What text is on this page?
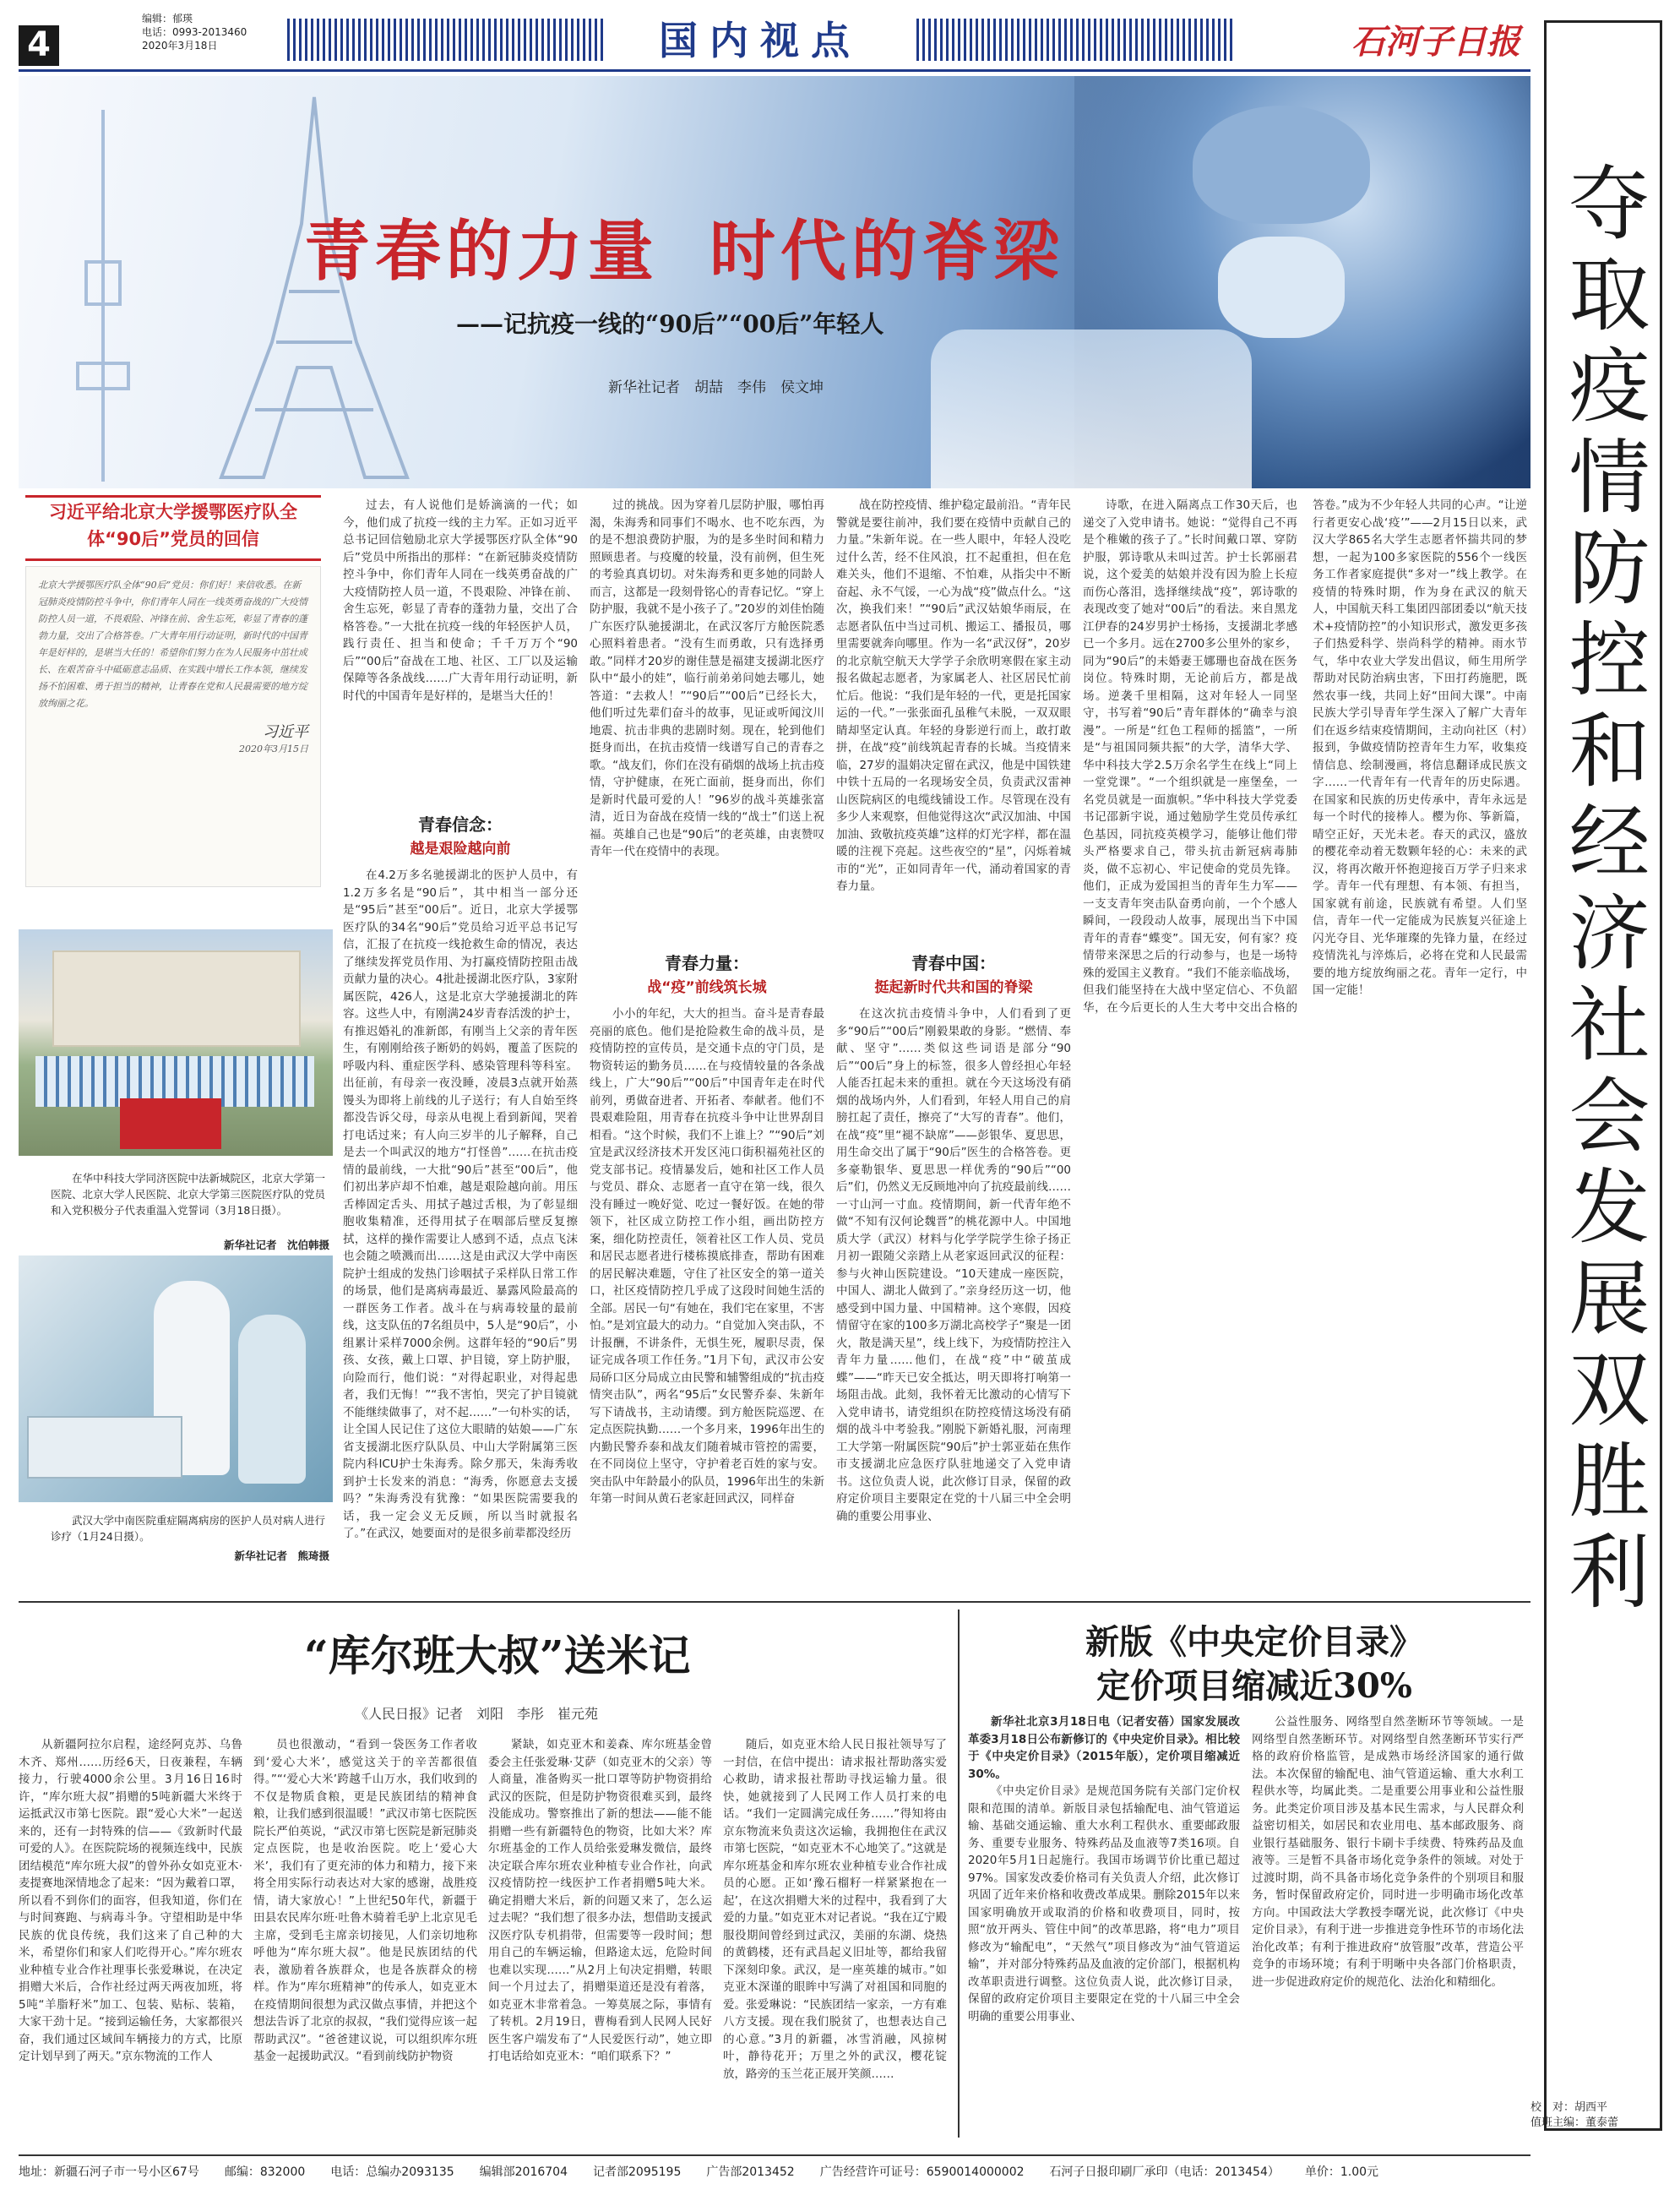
4
编辑：郁瑛
电话：0993-2013460
2020年3月18日	国内视点	石河子日报
夺取疫情防控和经济社会发展双胜利
校　对：胡西平
值班主编：董泰蕾
青春的力量 时代的脊梁
——记抗疫一线的“90后”“00后”年轻人
新华社记者　胡喆　李伟　侯文坤
习近平给北京大学援鄂医疗队全体“90后”党员的回信
北京大学援鄂医疗队全体“90后”党员：你们好！来信收悉。在新冠肺炎疫情防控斗争中，你们青年人同在一线英勇奋战的广大疫情防控人员一道，不畏艰险、冲锋在前、舍生忘死，彰显了青春的蓬勃力量，交出了合格答卷。广大青年用行动证明，新时代的中国青年是好样的，是堪当大任的！希望你们努力在为人民服务中茁壮成长、在艰苦奋斗中砥砺意志品质、在实践中增长工作本领，继续发扬不怕困难、勇于担当的精神，让青春在党和人民最需要的地方绽放绚丽之花。
习近平
2020年3月15日
在华中科技大学同济医院中法新城院区，北京大学第一医院、北京大学人民医院、北京大学第三医院医疗队的党员和入党积极分子代表重温入党誓词（3月18日摄）。
新华社记者　沈伯韩摄
武汉大学中南医院重症隔离病房的医护人员对病人进行诊疗（1月24日摄）。
新华社记者　熊琦摄

过去，有人说他们是娇滴滴的一代；如今，他们成了抗疫一线的主力军。正如习近平总书记回信勉励北京大学援鄂医疗队全体“90后”党员中所指出的那样：“在新冠肺炎疫情防控斗争中，你们青年人同在一线英勇奋战的广大疫情防控人员一道，不畏艰险、冲锋在前、舍生忘死，彰显了青春的蓬勃力量，交出了合格答卷。”一大批在抗疫一线的年轻医护人员，践行责任、担当和使命；千千万万个“90后”“00后”奋战在工地、社区、工厂以及运输保障等各条战线……广大青年用行动证明，新时代的中国青年是好样的，是堪当大任的！

青春信念：
越是艰险越向前

在4.2万多名驰援湖北的医护人员中，有1.2万多名是“90后”，其中相当一部分还是“95后”甚至“00后”。近日，北京大学援鄂医疗队的34名“90后”党员给习近平总书记写信，汇报了在抗疫一线抢救生命的情况，表达了继续发挥党员作用、为打赢疫情防控阻击战贡献力量的决心。4批赴援湖北医疗队，3家附属医院，426人，这是北京大学驰援湖北的阵容。这些人中，有刚满24岁青春活泼的护士，有推迟婚礼的准新郎，有刚当上父亲的青年医生，有刚刚给孩子断奶的妈妈，覆盖了医院的呼吸内科、重症医学科、感染管理科等科室。出征前，有母亲一夜没睡，凌晨3点就开始蒸馒头为即将上前线的儿子送行；有人自始至终都没告诉父母，母亲从电视上看到新闻，哭着打电话过来；有人向三岁半的儿子解释，自己是去一个叫武汉的地方“打怪兽”……在抗击疫情的最前线，一大批“90后”甚至“00后”，他们初出茅庐却不怕难，越是艰险越向前。用压舌棒固定舌头、用拭子越过舌根，为了彰显细胞收集精准，还得用拭子在咽部后壁反复擦拭，这样的操作需要让人感到不适，点点飞沫也会随之喷溅而出……这是由武汉大学中南医院护士组成的发热门诊咽拭子采样队日常工作的场景，他们是离病毒最近、暴露风险最高的一群医务工作者。战斗在与病毒较量的最前线，这支队伍的7名组员中，5人是“90后”，小组累计采样7000余例。这群年轻的“90后”男孩、女孩，戴上口罩、护目镜，穿上防护服，向险而行，他们说：“对得起职业，对得起患者，我们无悔！”“我不害怕，哭完了护目镜就不能继续做事了，对不起……”一句朴实的话，让全国人民记住了这位大眼睛的姑娘——广东省支援湖北医疗队队员、中山大学附属第三医院内科ICU护士朱海秀。除夕那天，朱海秀收到护士长发来的消息：“海秀，你愿意去支援吗？”朱海秀没有犹豫：“如果医院需要我的话，我一定会义无反顾，所以当时就报名了。”在武汉，她要面对的是很多前辈都没经历

过的挑战。因为穿着几层防护服，哪怕再渴，朱海秀和同事们不喝水、也不吃东西，为的是不想浪费防护服，为的是多坐时间和精力照顾患者。与疫魔的较量，没有前例，但生死的考验真真切切。对朱海秀和更多她的同龄人而言，这都是一段刻骨铭心的青春记忆。“穿上防护服，我就不是小孩子了。”20岁的刘佳怡随广东医疗队驰援湖北，在武汉客厅方舱医院悉心照料着患者。“没有生而勇敢，只有选择勇敢。”同样才20岁的谢佳慧是福建支援湖北医疗队中“最小的娃”，临行前弟弟问她去哪儿，她答道：“去救人！”“90后”“00后”已经长大，他们听过先辈们奋斗的故事，见证或听闻汶川地震、抗击非典的悲剧时刻。现在，轮到他们挺身而出，在抗击疫情一线谱写自己的青春之歌。“战友们，你们在没有硝烟的战场上抗击疫情，守护健康，在死亡面前，挺身而出，你们是新时代最可爱的人！”96岁的战斗英雄张富清，近日为奋战在疫情一线的“战士”们送上祝福。英雄自己也是“90后”的老英雄，由衷赞叹青年一代在疫情中的表现。

青春力量：
战“疫”前线筑长城

小小的年纪，大大的担当。奋斗是青春最亮丽的底色。他们是抢险救生命的战斗员，是疫情防控的宣传员，是交通卡点的守门员，是物资转运的勤务员……在与疫情较量的各条战线上，广大“90后”“00后”中国青年走在时代前列，勇做奋进者、开拓者、奉献者。他们不畏艰难险阻，用青春在抗疫斗争中让世界刮目相看。“这个时候，我们不上谁上？”“90后”刘宜是武汉经济技术开发区沌口街积福苑社区的党支部书记。疫情暴发后，她和社区工作人员与党员、群众、志愿者一直守在第一线，很久没有睡过一晚好觉、吃过一餐好饭。在她的带领下，社区成立防控工作小组，画出防控方案，细化防控责任，领着社区工作人员、党员和居民志愿者进行楼栋摸底排查，帮助有困难的居民解决难题，守住了社区安全的第一道关口，社区疫情防控几乎成了这段时间她生活的全部。居民一句“有她在，我们宅在家里，不害怕。”是刘宜最大的动力。“自觉加入突击队，不计报酬，不讲条件，无惧生死，履职尽责，保证完成各项工作任务。”1月下旬，武汉市公安局硚口区分局成立由民警和辅警组成的“抗击疫情突击队”，两名“95后”女民警乔泰、朱新年写下请战书，主动请缨。到方舱医院巡逻、在定点医院执勤……一个多月来，1996年出生的内勤民警乔泰和战友们随着城市管控的需要，在不同岗位上坚守，守护着老百姓的家与安。突击队中年龄最小的队员，1996年出生的朱新年第一时间从黄石老家赶回武汉，同样奋

战在防控疫情、维护稳定最前沿。“青年民警就是要往前冲，我们要在疫情中贡献自己的力量。”朱新年说。在一些人眼中，年轻人没吃过什么苦，经不住风浪，扛不起重担，但在危难关头，他们不退缩、不怕难，从指尖中不断奋起、永不气馁，一心为战“疫”做点什么。“这次，换我们来！”“90后”武汉姑娘华雨辰，在志愿者队伍中当过司机、搬运工、播报员，哪里需要就奔向哪里。作为一名“武汉伢”，20岁的北京航空航天大学学子余欣明寒假在家主动报名做起志愿者，为家属老人、社区居民忙前忙后。他说：“我们是年轻的一代，更是托国家运的一代。”一张张面孔虽稚气未脱，一双双眼睛却坚定认真。年轻的身影逆行而上，敢打敢拼，在战“疫”前线筑起青春的长城。当疫情来临，27岁的温娟决定留在武汉，他是中国铁建中铁十五局的一名现场安全员，负责武汉雷神山医院病区的电缆线铺设工作。尽管现在没有多少人来观察，但他觉得这次“武汉加油、中国加油、致敬抗疫英雄”这样的灯光字样，都在温暖的注视下亮起。这些夜空的“星”，闪烁着城市的“光”，正如同青年一代，涌动着国家的青春力量。

青春中国：
挺起新时代共和国的脊梁

在这次抗击疫情斗争中，人们看到了更多“90后”“00后”刚毅果敢的身影。“燃情、奉献、坚守”……类似这些词语是部分“90后”“00后”身上的标签，很多人曾经担心年轻人能否扛起未来的重担。就在今天这场没有硝烟的战场内外，人们看到，年轻人用自己的肩膀扛起了责任，擦亮了“大写的青春”。他们，在战“疫”里“褪不缺席”——彭银华、夏思思，用生命交出了属于“90后”医生的合格答卷。更多豪勒银华、夏思思一样优秀的“90后”“00后”们，仍然义无反顾地冲向了抗疫最前线……一寸山河一寸血。疫情期间，新一代青年绝不做“不知有汉何论魏晋”的桃花源中人。中国地质大学（武汉）材料与化学学院学生徐子扬正月初一跟随父亲踏上从老家返回武汉的征程：参与火神山医院建设。“10天建成一座医院，中国人、湖北人做到了。”亲身经历这一切，他感受到中国力量、中国精神。这个寒假，因疫情留守在家的100多万湖北高校学子“聚是一团火，散是满天星”，线上线下，为疫情防控注入青年力量……他们，在战“疫”中“破茧成蝶”——“昨天已安全抵达，明天即将打响第一场阻击战。此刻，我怀着无比激动的心情写下入党申请书，请党组织在防控疫情这场没有硝烟的战斗中考验我。”刚脱下新婚礼服，河南理工大学第一附属医院“90后”护士郭亚茹在焦作市支援湖北应急医疗队驻地递交了入党申请书。这位负责人说，此次修订目录，保留的政府定价项目主要限定在党的十八届三中全会明确的重要公用事业、

诗歌，在进入隔离点工作30天后，也递交了入党申请书。她说：“觉得自己不再是个稚嫩的孩子了。”长时间戴口罩、穿防护服，郭诗歌从未叫过苦。护士长郭丽君说，这个爱美的姑娘并没有因为脸上长痘而伤心落泪，选择继续战“疫”，郭诗歌的表现改变了她对“00后”的看法。来自黑龙江伊春的24岁男护士杨扬，支援湖北孝感已一个多月。远在2700多公里外的家乡，同为“90后”的未婚妻王娜珊也奋战在医务岗位。特殊时期，无论前后方，都是战场。逆袭千里相隔，这对年轻人一同坚守，书写着“90后”青年群体的“确幸与浪漫”。一所是“红色工程师的摇篮”，一所是“与祖国同频共振”的大学，清华大学、华中科技大学2.5万余名学生在线上“同上一堂党课”。“一个组织就是一座堡垒，一名党员就是一面旗帜。”华中科技大学党委书记邵新宇说，通过勉励学生党员传承红色基因，同抗疫英模学习，能够让他们带头严格要求自己，带头抗击新冠病毒肺炎，做不忘初心、牢记使命的党员先锋。他们，正成为爱国担当的青年生力军——一支支青年突击队奋勇向前，一个个感人瞬间，一段段动人故事，展现出当下中国青年的青春“蝶变”。国无安，何有家？疫情带来深思之后的行动参与，也是一场特殊的爱国主义教育。“我们不能亲临战场，但我们能坚持在大战中坚定信心、不负韶华，在今后更长的人生大考中交出合格的答卷。”成为不少年轻人共同的心声。“让逆行者更安心战‘疫’”——2月15日以来，武汉大学865名大学生志愿者怀揣共同的梦想，一起为100多家医院的556个一线医务工作者家庭提供“多对一”线上教学。在疫情的特殊时期，作为身在武汉的航天人，中国航天科工集团四部团委以“航天技术+疫情防控”的小知识形式，激发更多孩子们热爱科学、崇尚科学的精神。雨水节气，华中农业大学发出倡议，师生用所学帮助对民防治病虫害，下田打药施肥，既然农事一线，共同上好“田间大课”。中南民族大学引导青年学生深入了解广大青年们在返乡结束疫情期间，主动向社区（村）报到，争做疫情防控青年生力军，收集疫情信息、绘制漫画，将信息翻译成民族文字……一代青年有一代青年的历史际遇。在国家和民族的历史传承中，青年永远是每一个时代的接棒人。樱为你、筝新篇，晴空正好，天光未老。春天的武汉，盛放的樱花牵动着无数颗年轻的心：未来的武汉，将再次敞开怀抱迎接百万学子归来求学。青年一代有理想、有本领、有担当，国家就有前途，民族就有希望。人们坚信，青年一代一定能成为民族复兴征途上闪光夺目、光华璀璨的先锋力量，在经过疫情洗礼与淬炼后，必将在党和人民最需要的地方绽放绚丽之花。青年一定行，中国一定能！

“库尔班大叔”送米记
《人民日报》记者　刘阳　李彤　崔元苑

从新疆阿拉尔启程，途经阿克苏、乌鲁木齐、郑州……历经6天，日夜兼程，车辆接力，行驶4000余公里。3月16日16时许，“库尔班大叔”捐赠的5吨新疆大米终于运抵武汉市第七医院。跟“爱心大米”一起送来的，还有一封特殊的信——《致新时代最可爱的人》。在医院院场的视频连线中，民族团结模范“库尔班大叔”的曾外孙女如克亚木·麦提赛地深情地念了起来：“因为戴着口罩，所以看不到你们的面容，但我知道，你们在与时间赛跑、与病毒斗争。守望相助是中华民族的优良传统，我们这来了自己种的大米，希望你们和家人们吃得开心。”库尔班农业种植专业合作社理事长张爱琳说，在决定捐赠大米后，合作社经过两天两夜加班，将5吨“羊脂籽米”加工、包装、贴标、装箱，大家干劲十足。“接到运输任务，大家都很兴奋，我们通过区域间车辆接力的方式，比原定计划早到了两天。”京东物流的工作人

员也很激动，“看到一袋医务工作者收到‘爱心大米’，感觉这关于的辛苦都很值得。”“‘爱心大米’跨越千山万水，我们收到的不仅是物质食粮，更是民族团结的精神食粮，让我们感到很温暖！”武汉市第七医院医院长严伯英说，“武汉市第七医院是新冠肺炎定点医院，也是收治医院。吃上‘爱心大米’，我们有了更充沛的体力和精力，接下来将全用实际行动表达对大家的感谢，战胜疫情，请大家放心！”上世纪50年代，新疆于田县农民库尔班·吐鲁木骑着毛驴上北京见毛主席，受到毛主席亲切接见，人们亲切地称呼他为“库尔班大叔”。他是民族团结的代表，激励着各族群众，也是各族群众的榜样。作为“库尔班精神”的传承人，如克亚木在疫情期间很想为武汉做点事情，并把这个想法告诉了北京的叔叔，“我们觉得应该一起帮助武汉”。“爸爸建议说，可以组织库尔班基金一起援助武汉。“看到前线防护物资

紧缺，如克亚木和姜森、库尔班基金曾委会主任张爱琳·艾萨（如克亚木的父亲）等人商量，准备购买一批口罩等防护物资捐给武汉的医院，但是防护物资很难买到，最终没能成功。警察推出了新的想法——能不能捐赠一些有新疆特色的物资，比如大米？库尔班基金的工作人员给张爱琳发微信，最终决定联合库尔班农业种植专业合作社，向武汉疫情防控一线医护工作者捐赠5吨大米。确定捐赠大米后，新的问题又来了，怎么运过去呢？“我们想了很多办法，想借助支援武汉医疗队专机捐带，但需要等一段时间；想用自己的车辆运输，但路途太远，危险时间也难以实现……”从2月上旬决定捐赠，转眼间一个月过去了，捐赠渠道还是没有着落，如克亚木非常着急。一筹莫展之际，事情有了转机。2月19日，曹梅看到人民网人民好医生客户端发布了“人民爱医行动”，她立即打电话给如克亚木：“咱们联系下？”

随后，如克亚木给人民日报社领导写了一封信，在信中提出：请求报社帮助落实爱心救助，请求报社帮助寻找运输力量。很快，她就接到了人民网工作人员打来的电话。“我们一定圆满完成任务……”得知将由京东物流来负责这次运输，我拥抱住在武汉市第七医院，“如克亚木不心地笑了。”这就是库尔班基金和库尔班农业种植专业合作社成员的心愿。正如‘豫石榴籽一样紧紧抱在一起’，在这次捐赠大米的过程中，我看到了大爱的力量。”如克亚木对记者说。“我在辽宁殿服役期间曾经到过武汉，美丽的东湖、烧热的黄鹤楼，还有武昌起义旧址等，都给我留下深刻印象。武汉，是一座英雄的城市。”如克亚木深谨的眼眸中写满了对祖国和同胞的爱。张爱琳说：“民族团结一家亲，一方有难八方支援。现在我们脱贫了，也想表达自己的心意。”3月的新疆，冰雪消融，风掠树叶，静待花开；万里之外的武汉，樱花锭放，路旁的玉兰花正展开笑颜……

新版《中央定价目录》
定价项目缩减近30%

新华社北京3月18日电（记者安蓓）国家发展改革委3月18日公布新修订的《中央定价目录》。相比较于《中央定价目录》（2015年版），定价项目缩减近30%。

《中央定价目录》是规范国务院有关部门定价权限和范围的清单。新版目录包括输配电、油气管道运输、基础交通运输、重大水利工程供水、重要邮政服务、重要专业服务、特殊药品及血液等7类16项。自2020年5月1日起施行。我国市场调节价比重已超过97%。国家发改委价格司有关负责人介绍，此次修订巩固了近年来价格和收费改革成果。删除2015年以来国家明确放开或取消的价格和收费项目，同时，按照“放开两头、管住中间”的改革思路，将“电力”项目修改为“输配电”，“天然气”项目修改为“油气管道运输”，并对部分特殊药品及血液的定价部门，根据机构改革职责进行调整。这位负责人说，此次修订目录，保留的政府定价项目主要限定在党的十八届三中全会明确的重要公用事业、

公益性服务、网络型自然垄断环节等领域。一是网络型自然垄断环节。对网络型自然垄断环节实行严格的政府价格监管，是成熟市场经济国家的通行做法。本次保留的输配电、油气管道运输、重大水利工程供水等，均属此类。二是重要公用事业和公益性服务。此类定价项目涉及基本民生需求，与人民群众利益密切相关，如居民和农业用电、基本邮政服务、商业银行基础服务、银行卡刷卡手续费、特殊药品及血液等。三是暂不具备市场化竞争条件的领域。对处于过渡时期，尚不具备市场化竞争条件的个别项目和服务，暂时保留政府定价，同时进一步明确市场化改革方向。中国政法大学教授李曙光说，此次修订《中央定价目录》，有利于进一步推进竞争性环节的市场化法治化改革；有利于推进政府“放管服”改革，营造公平竞争的市场环境；有利于明晰中央各部门价格职责，进一步促进政府定价的规范化、法治化和精细化。

地址：新疆石河子市一号小区67号 邮编：832000 电话：总编办2093135 编辑部2016704 记者部2095195 广告部2013452 广告经营许可证号：6590014000002 石河子日报印刷厂承印（电话：2013454） 单价：1.00元
